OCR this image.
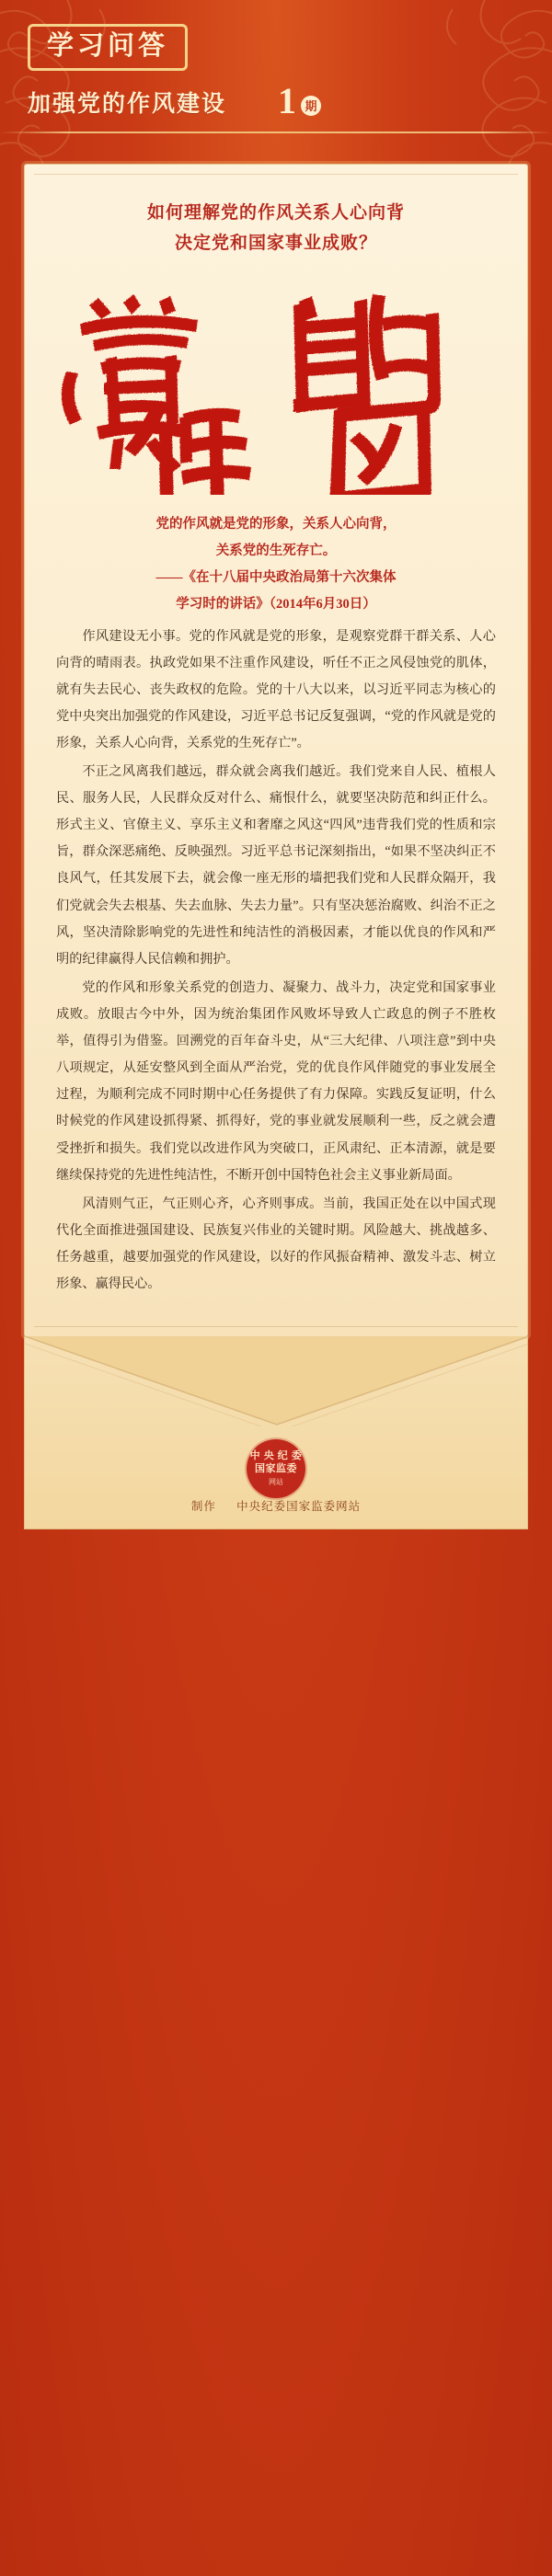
学习问答
加强党的作风建设 1 期
如何理解党的作风关系人心向背
决定党和国家事业成败？
党的作风就是党的形象，关系人心向背，
关系党的生死存亡。
——《在十八届中央政治局第十六次集体
学习时的讲话》（2014年6月30日）

作风建设无小事。党的作风就是党的形象，是观察党群干群关系、人心向背的晴雨表。执政党如果不注重作风建设，听任不正之风侵蚀党的肌体，就有失去民心、丧失政权的危险。党的十八大以来，以习近平同志为核心的党中央突出加强党的作风建设，习近平总书记反复强调，“党的作风就是党的形象，关系人心向背，关系党的生死存亡”。

不正之风离我们越远，群众就会离我们越近。我们党来自人民、植根人民、服务人民，人民群众反对什么、痛恨什么，就要坚决防范和纠正什么。形式主义、官僚主义、享乐主义和奢靡之风这“四风”违背我们党的性质和宗旨，群众深恶痛绝、反映强烈。习近平总书记深刻指出，“如果不坚决纠正不良风气，任其发展下去，就会像一座无形的墙把我们党和人民群众隔开，我们党就会失去根基、失去血脉、失去力量”。只有坚决惩治腐败、纠治不正之风，坚决清除影响党的先进性和纯洁性的消极因素，才能以优良的作风和严明的纪律赢得人民信赖和拥护。

党的作风和形象关系党的创造力、凝聚力、战斗力，决定党和国家事业成败。放眼古今中外，因为统治集团作风败坏导致人亡政息的例子不胜枚举，值得引为借鉴。回溯党的百年奋斗史，从“三大纪律、八项注意”到中央八项规定，从延安整风到全面从严治党，党的优良作风伴随党的事业发展全过程，为顺利完成不同时期中心任务提供了有力保障。实践反复证明，什么时候党的作风建设抓得紧、抓得好，党的事业就发展顺利一些，反之就会遭受挫折和损失。我们党以改进作风为突破口，正风肃纪、正本清源，就是要继续保持党的先进性纯洁性，不断开创中国特色社会主义事业新局面。

风清则气正，气正则心齐，心齐则事成。当前，我国正处在以中国式现代化全面推进强国建设、民族复兴伟业的关键时期。风险越大、挑战越多、任务越重，越要加强党的作风建设，以好的作风振奋精神、激发斗志、树立形象、赢得民心。

中 央 纪 委
国家监委
网站
制作 中央纪委国家监委网站
